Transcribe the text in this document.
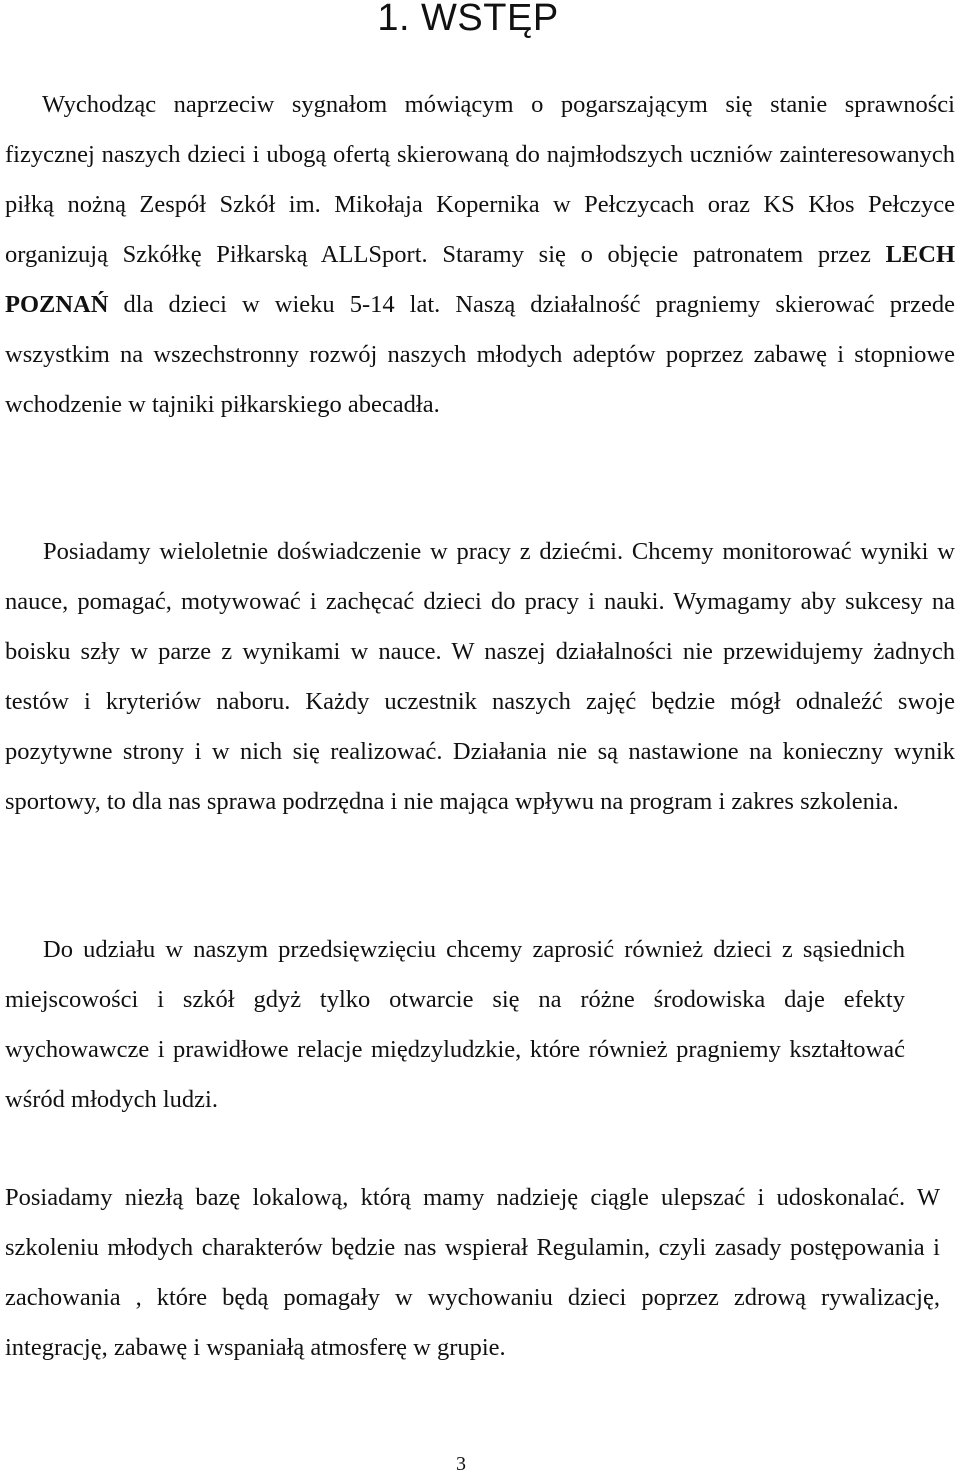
1. WSTĘP

Wychodząc naprzeciw sygnałom mówiącym o pogarszającym się stanie sprawności fizycznej naszych dzieci i ubogą ofertą skierowaną do najmłodszych uczniów zainteresowanych piłką nożną Zespół Szkół im. Mikołaja Kopernika w Pełczycach oraz KS Kłos Pełczyce organizują Szkółkę Piłkarską ALLSport. Staramy się o objęcie patronatem przez LECH POZNAŃ dla dzieci w wieku 5-14 lat. Naszą działalność pragniemy skierować przede wszystkim na wszechstronny rozwój naszych młodych adeptów poprzez zabawę i stopniowe wchodzenie w tajniki piłkarskiego abecadła.

Posiadamy wieloletnie doświadczenie w pracy z dziećmi. Chcemy monitorować wyniki w nauce, pomagać, motywować i zachęcać dzieci do pracy i nauki. Wymagamy aby sukcesy na boisku szły w parze z wynikami w nauce. W naszej działalności nie przewidujemy żadnych testów i kryteriów naboru. Każdy uczestnik naszych zajęć będzie mógł odnaleźć swoje pozytywne strony i w nich się realizować. Działania nie są nastawione na konieczny wynik sportowy, to dla nas sprawa podrzędna i nie mająca wpływu na program i zakres szkolenia.

Do udziału w naszym przedsięwzięciu chcemy zaprosić również dzieci z sąsiednich miejscowości i szkół gdyż tylko otwarcie się na różne środowiska daje efekty wychowawcze i prawidłowe relacje międzyludzkie, które również pragniemy kształtować wśród młodych ludzi.

Posiadamy niezłą bazę lokalową, którą mamy nadzieję ciągle ulepszać i udoskonalać. W szkoleniu młodych charakterów będzie nas wspierał Regulamin, czyli zasady postępowania i zachowania , które będą pomagały w wychowaniu dzieci poprzez zdrową rywalizację, integrację, zabawę i wspaniałą atmosferę w grupie.

3
